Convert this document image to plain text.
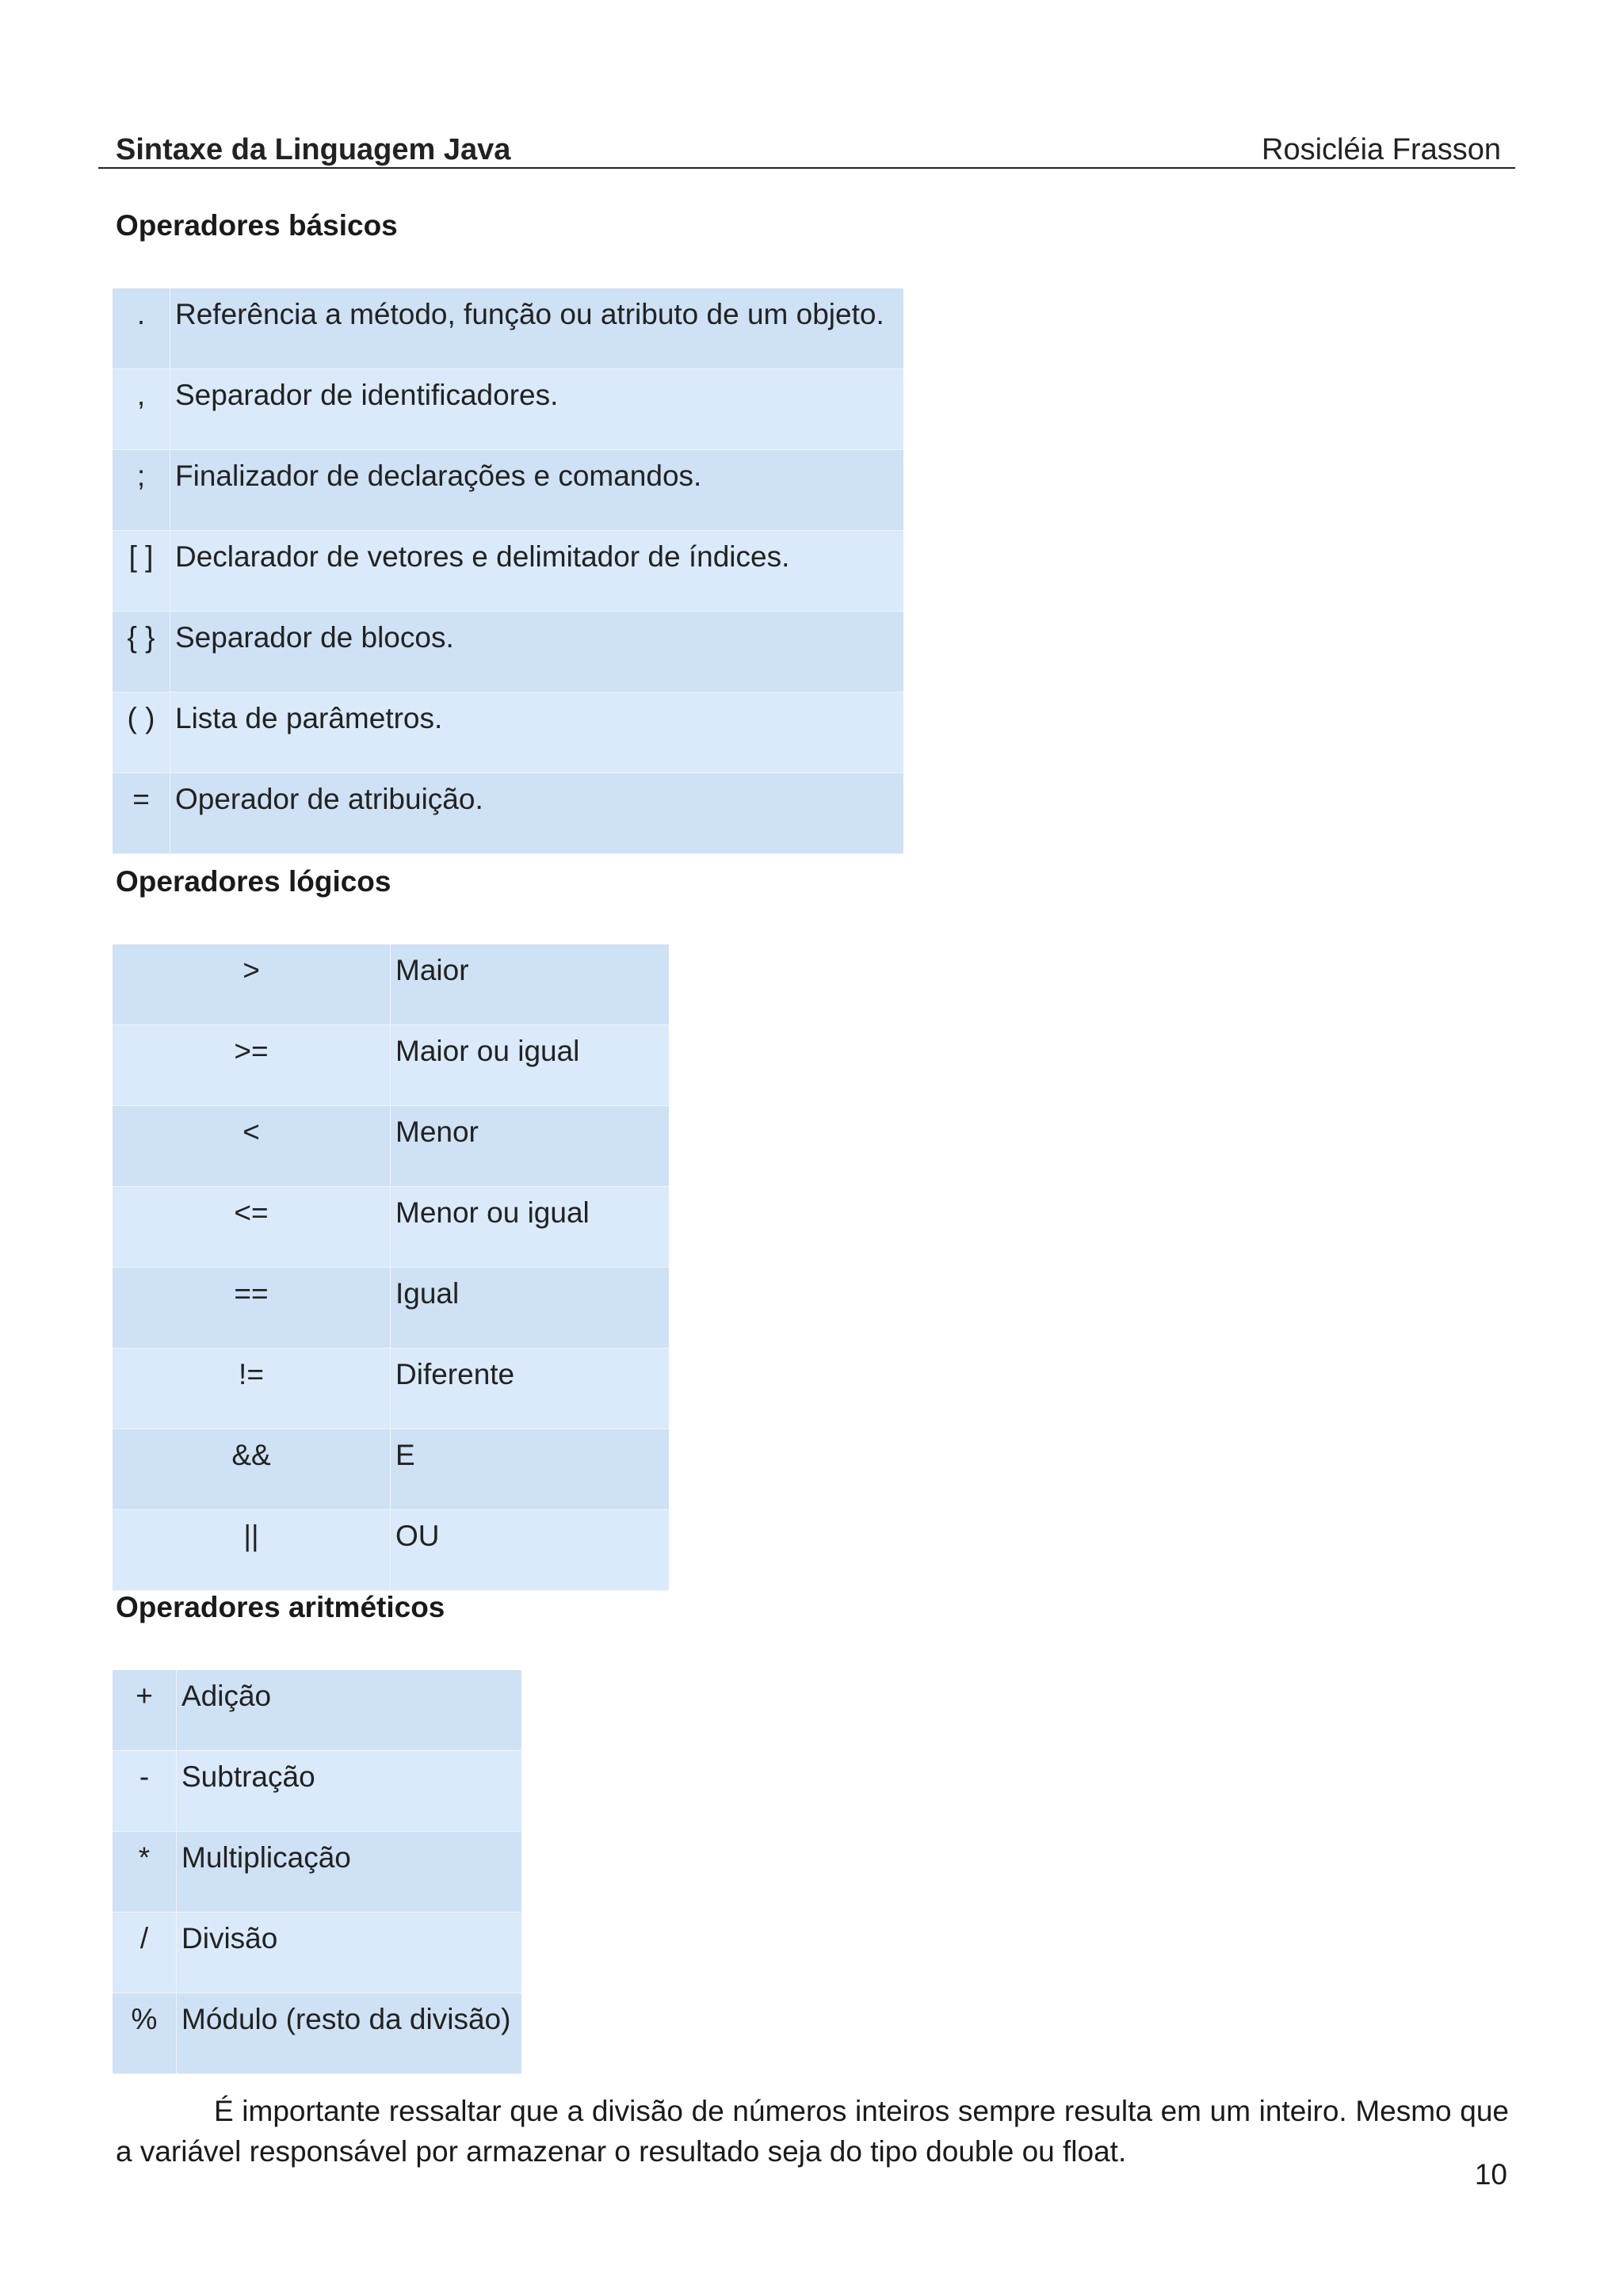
Sintaxe da Linguagem Java	Rosicléia Frasson
Operadores básicos
.	Referência a método, função ou atributo de um objeto.
,	Separador de identificadores.
;	Finalizador de declarações e comandos.
[ ]	Declarador de vetores e delimitador de índices.
{ }	Separador de blocos.
( )	Lista de parâmetros.
=	Operador de atribuição.
Operadores lógicos
>	Maior
>=	Maior ou igual
<	Menor
<=	Menor ou igual
==	Igual
!=	Diferente
&&	E
||	OU
Operadores aritméticos
+	Adição
-	Subtração
*	Multiplicação
/	Divisão
%	Módulo (resto da divisão)

É importante ressaltar que a divisão de números inteiros sempre resulta em um inteiro. Mesmo que a variável responsável por armazenar o resultado seja do tipo double ou float.

10
